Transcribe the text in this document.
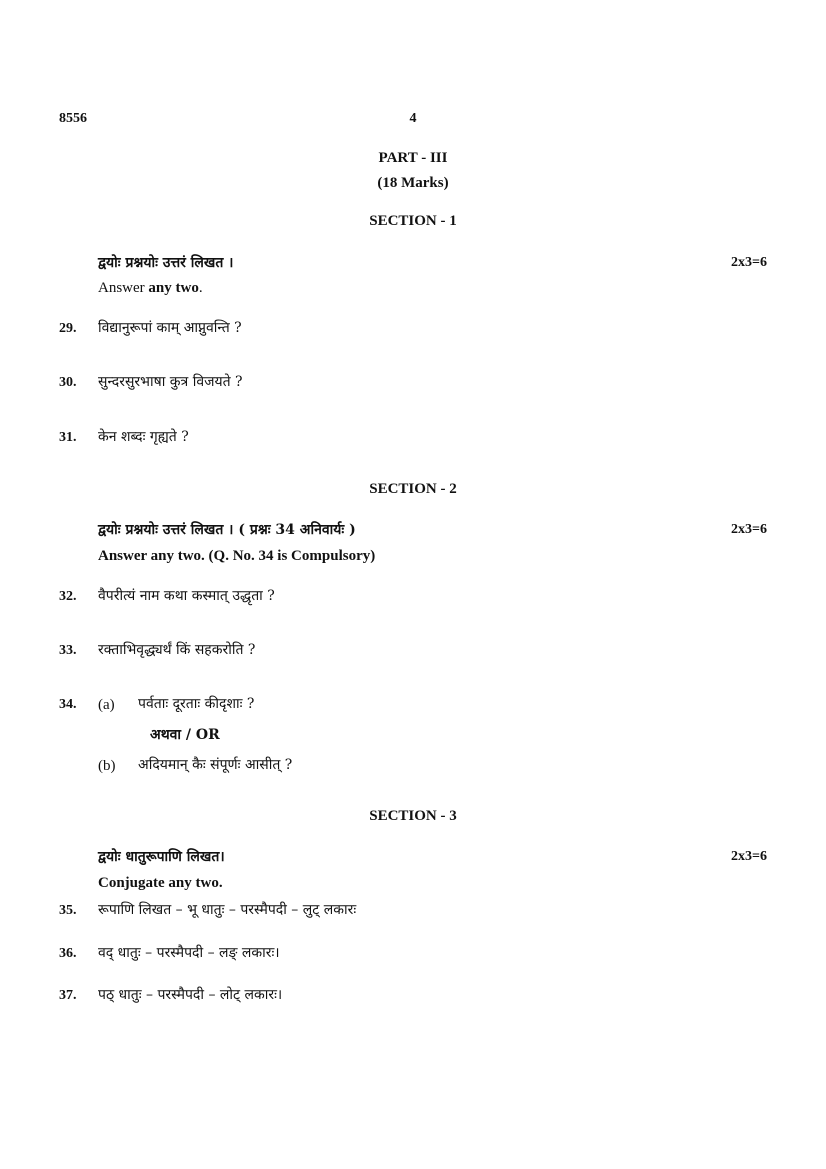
8556	4
PART - III
(18 Marks)
SECTION - 1
द्वयोः प्रश्नयोः उत्तरं लिखत ।	2x3=6
Answer any two.
29. विद्यानुरूपां काम् आप्नुवन्ति ?
30. सुन्दरसुरभाषा कुत्र विजयते ?
31. केन शब्दः गृह्यते ?
SECTION - 2
द्वयोः प्रश्नयोः उत्तरं लिखत । ( प्रश्नः 34 अनिवार्यः )	2x3=6
Answer any two. (Q. No. 34 is Compulsory)
32. वैपरीत्यं नाम कथा कस्मात् उद्धृता ?
33. रक्ताभिवृद्ध्यर्थं किं सहकरोति ?
34. (a) पर्वताः दूरताः कीदृशाः ?
अथवा / OR
(b) अदियमान् कैः संपूर्णः आसीत् ?
SECTION - 3
द्वयोः धातुरूपाणि लिखत।	2x3=6
Conjugate any two.
35. रूपाणि लिखत – भू धातुः – परस्मैपदी – लुट् लकारः
36. वद् धातुः – परस्मैपदी – लङ् लकारः।
37. पठ् धातुः – परस्मैपदी – लोट् लकारः।
